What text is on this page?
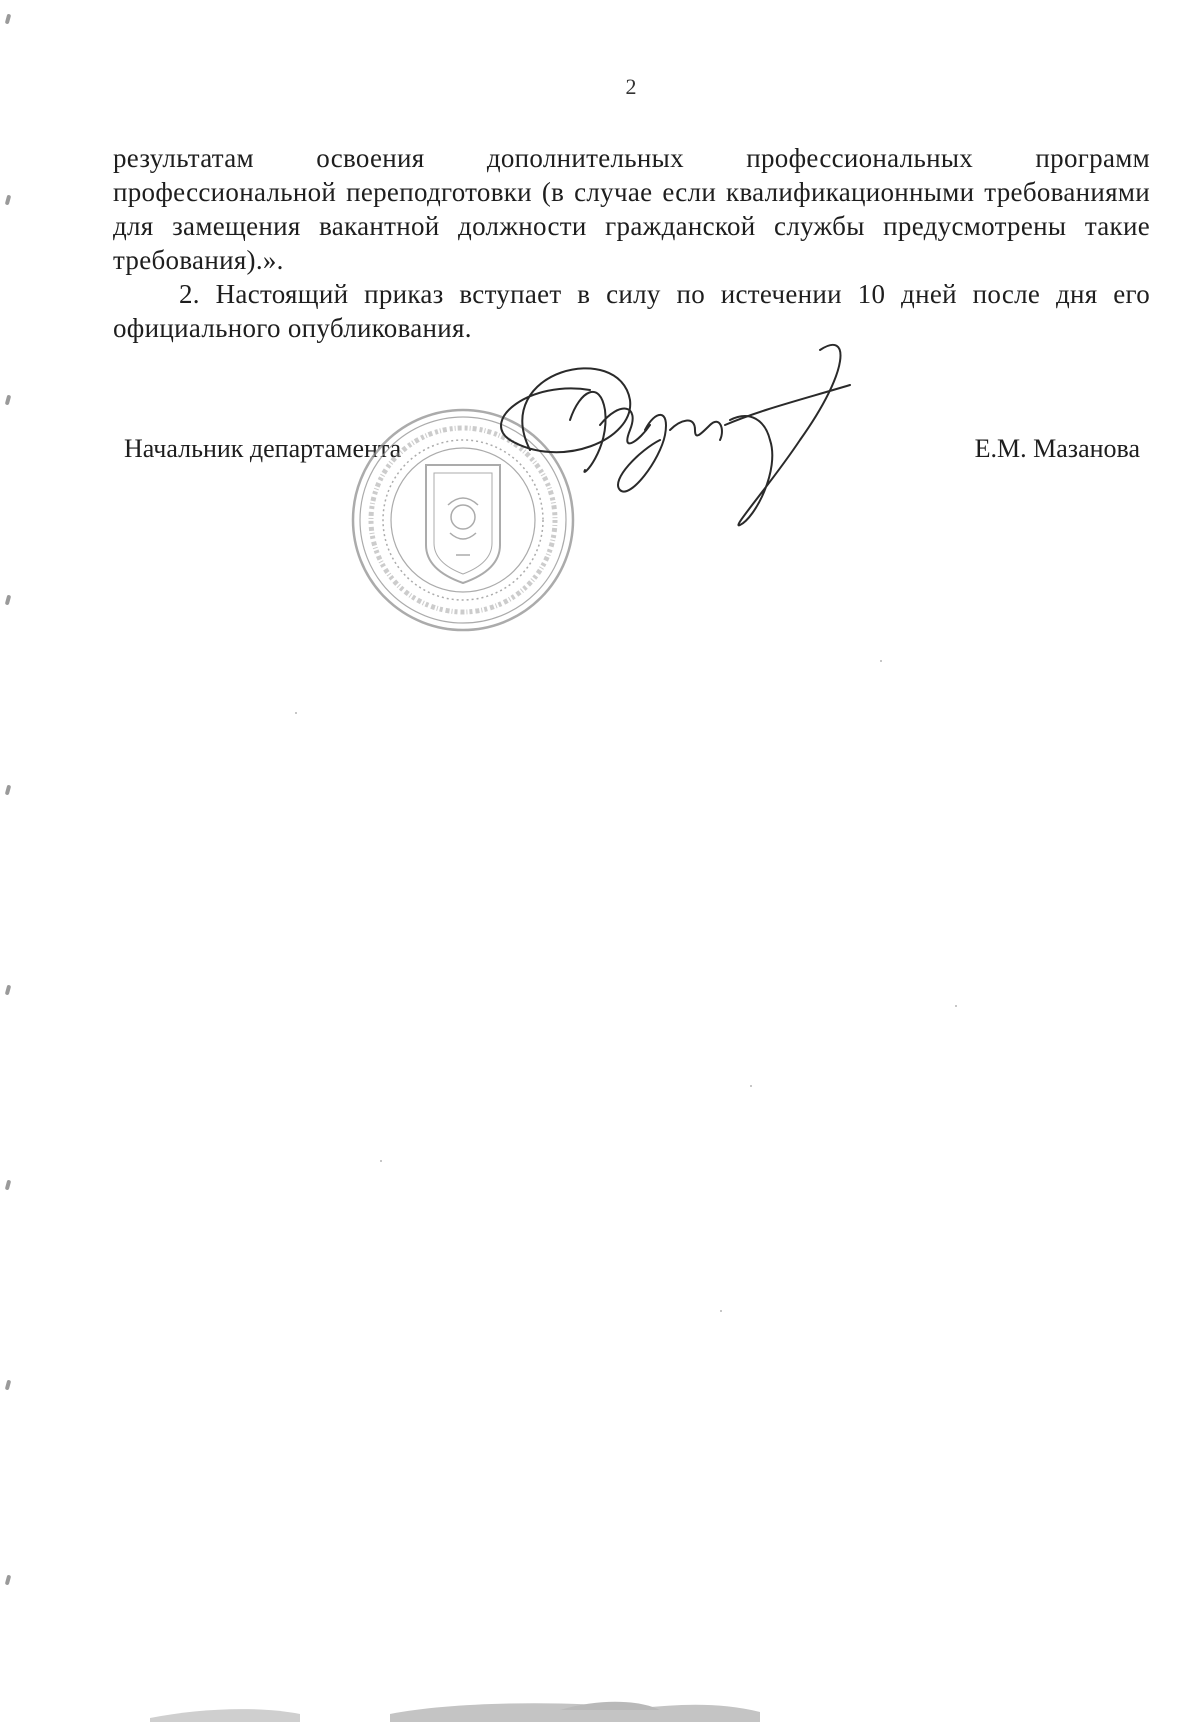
2

результатам освоения дополнительных профессиональных программ профессиональной переподготовки (в случае если квалификационными требованиями для замещения вакантной должности гражданской службы предусмотрены такие требования).».

2. Настоящий приказ вступает в силу по истечении 10 дней после дня его официального опубликования.

Начальник департамента	Е.М. Мазанова
